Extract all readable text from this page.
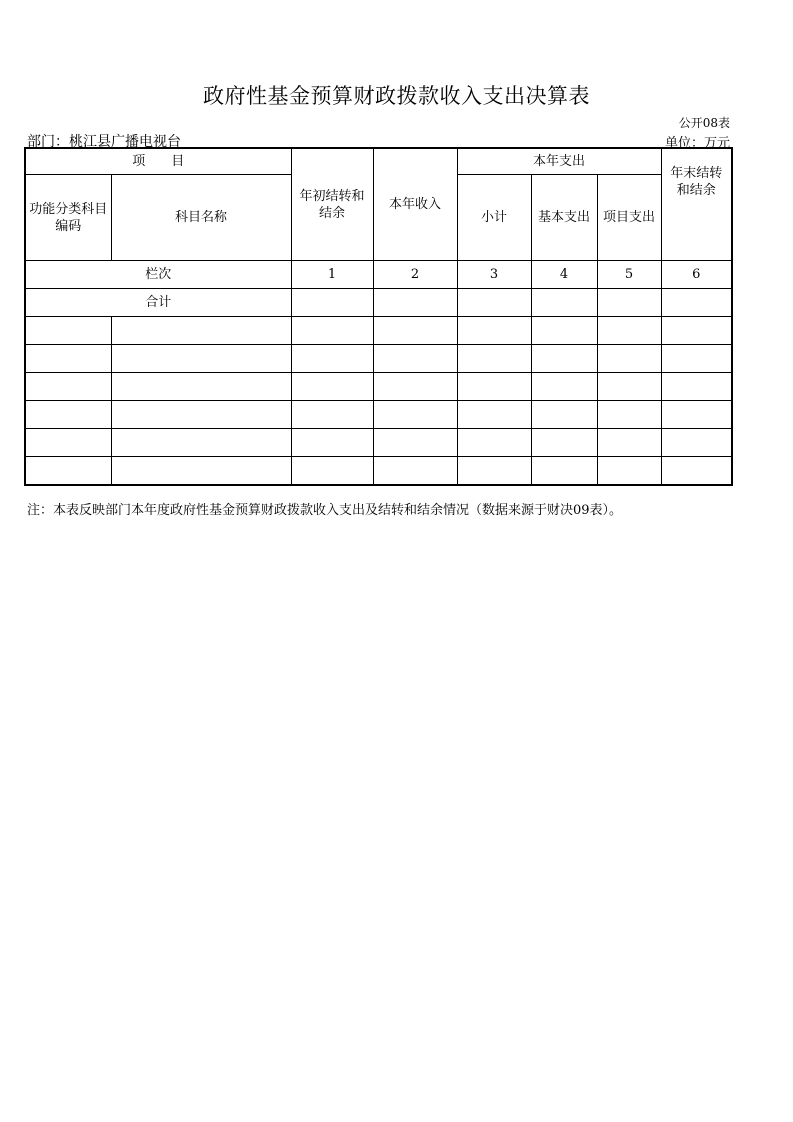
政府性基金预算财政拨款收入支出决算表
公开08表
部门：桃江县广播电视台	单位：万元
项　　目		年初结转和结余	本年收入	本年支出			年末结转和结余

功能分类科目编码	科目名称			小计	基本支出	项目支出	
栏次		1	2	3	4	5	6
合计							

注：本表反映部门本年度政府性基金预算财政拨款收入支出及结转和结余情况（数据来源于财决09表）。
